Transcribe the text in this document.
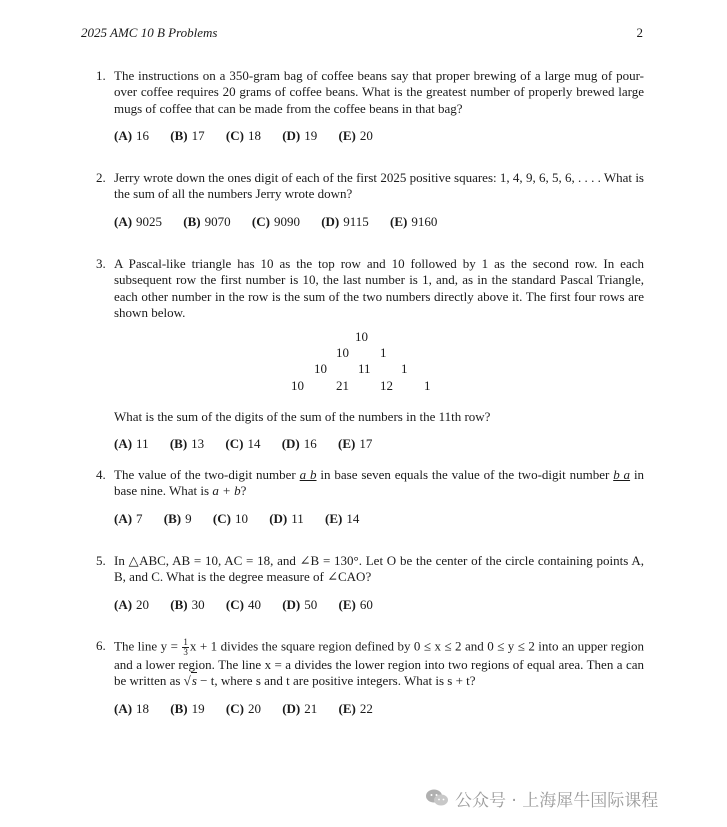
2025 AMC 10 B Problems	2
1. The instructions on a 350-gram bag of coffee beans say that proper brewing of a large mug of pour-over coffee requires 20 grams of coffee beans. What is the greatest number of properly brewed large mugs of coffee that can be made from the coffee beans in that bag?
(A) 16 (B) 17 (C) 18 (D) 19 (E) 20
2. Jerry wrote down the ones digit of each of the first 2025 positive squares: 1, 4, 9, 6, 5, 6, . . . . What is the sum of all the numbers Jerry wrote down?
(A) 9025 (B) 9070 (C) 9090 (D) 9115 (E) 9160
3. A Pascal-like triangle has 10 as the top row and 10 followed by 1 as the second row. In each subsequent row the first number is 10, the last number is 1, and, as in the standard Pascal Triangle, each other number in the row is the sum of the two numbers directly above it. The first four rows are shown below.
10
10 1
10 11 1
10 21 12 1
What is the sum of the digits of the sum of the numbers in the 11th row?
(A) 11 (B) 13 (C) 14 (D) 16 (E) 17
4. The value of the two-digit number a b in base seven equals the value of the two-digit number b a in base nine. What is a + b?
(A) 7 (B) 9 (C) 10 (D) 11 (E) 14
5. In △ABC, AB = 10, AC = 18, and ∠B = 130°. Let O be the center of the circle containing points A, B, and C. What is the degree measure of ∠CAO?
(A) 20 (B) 30 (C) 40 (D) 50 (E) 60
6. The line $y = \frac{1}{3}$ x + 1 divides the square region defined by 0 ≤ x ≤ 2 and 0 ≤ y ≤ 2 into an upper region and a lower region. The line x = a divides the lower region into two regions of equal area. Then a can be written as √s − t, where s and t are positive integers. What is s + t?
(A) 18 (B) 19 (C) 20 (D) 21 (E) 22
公众号 · 上海犀牛国际课程
